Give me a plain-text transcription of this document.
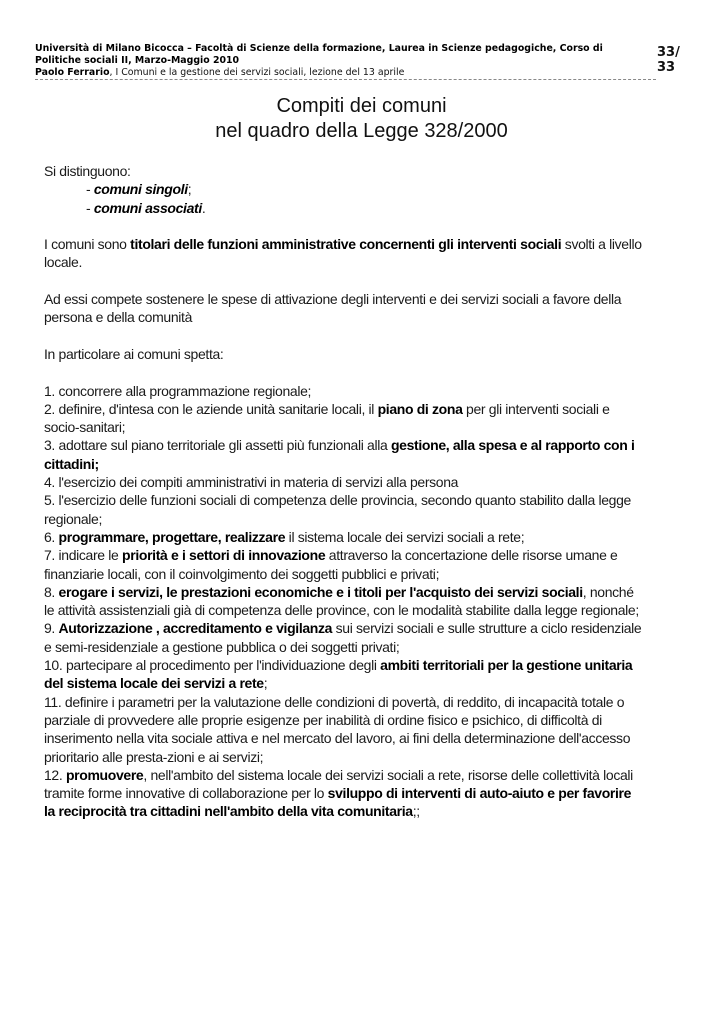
Università di Milano Bicocca – Facoltà di Scienze della formazione, Laurea in Scienze pedagogiche, Corso di
Politiche sociali II, Marzo-Maggio 2010
Paolo Ferrario, I Comuni e la gestione dei servizi sociali, lezione del 13 aprile
33/
33
Compiti dei comuni
nel quadro della Legge 328/2000

Si distinguono:

- comuni singoli;

- comuni associati.

I comuni sono titolari delle funzioni amministrative concernenti gli interventi sociali svolti a livello locale.

Ad essi compete sostenere le spese di attivazione degli interventi e dei servizi sociali a favore della persona e della comunità

In particolare ai comuni spetta:

1. concorrere alla programmazione regionale;

2. definire, d'intesa con le aziende unità sanitarie locali, il piano di zona per gli interventi sociali e socio-sanitari;

3. adottare sul piano territoriale gli assetti più funzionali alla gestione, alla spesa e al rapporto con i cittadini;

4. l'esercizio dei compiti amministrativi in materia di servizi alla persona

5. l'esercizio delle funzioni sociali di competenza delle provincia, secondo quanto stabilito dalla legge regionale;

6. programmare, progettare, realizzare il sistema locale dei servizi sociali a rete;

7. indicare le priorità e i settori di innovazione attraverso la concertazione delle risorse umane e finanziarie locali, con il coinvolgimento dei soggetti pubblici e privati;

8. erogare i servizi, le prestazioni economiche e i titoli per l'acquisto dei servizi sociali, nonché le attività assistenziali già di competenza delle province, con le modalità stabilite dalla legge regionale;

9. Autorizzazione , accreditamento e vigilanza sui servizi sociali e sulle strutture a ciclo residenziale e semi-residenziale a gestione pubblica o dei soggetti privati;

10. partecipare al procedimento per l'individuazione degli ambiti territoriali per la gestione unitaria del sistema locale dei servizi a rete;

11. definire i parametri per la valutazione delle condizioni di povertà, di reddito, di incapacità totale o parziale di provvedere alle proprie esigenze per inabilità di ordine fisico e psichico, di difficoltà di inserimento nella vita sociale attiva e nel mercato del lavoro, ai fini della determinazione dell'accesso prioritario alle presta-zioni e ai servizi;

12. promuovere, nell'ambito del sistema locale dei servizi sociali a rete, risorse delle collettività locali tramite forme innovative di collaborazione per lo sviluppo di interventi di auto-aiuto e per favorire la reciprocità tra cittadini nell'ambito della vita comunitaria;;
